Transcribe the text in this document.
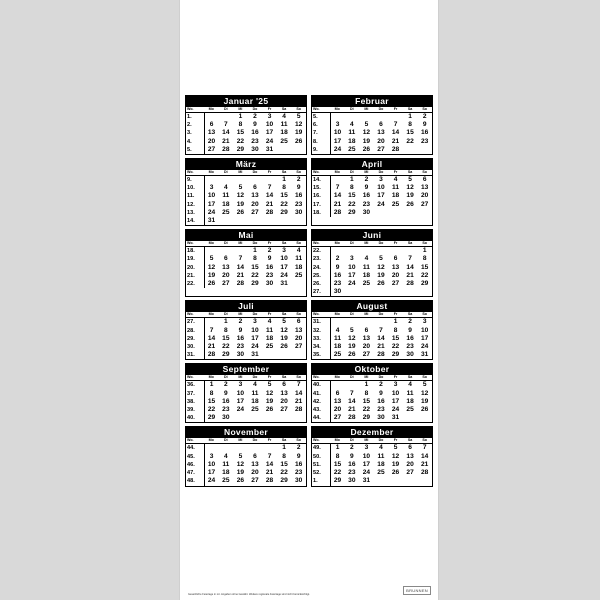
Januar '25
Wo.	Mo	Di	Mi	Do	Fr	Sa	So
1.			1	2	3	4	5
2.	6	7	8	9	10	11	12
3.	13	14	15	16	17	18	19
4.	20	21	22	23	24	25	26
5.	27	28	29	30	31		
Februar
Wo.	Mo	Di	Mi	Do	Fr	Sa	So
5.						1	2
6.	3	4	5	6	7	8	9
7.	10	11	12	13	14	15	16
8.	17	18	19	20	21	22	23
9.	24	25	26	27	28		
März
Wo.	Mo	Di	Mi	Do	Fr	Sa	So
9.						1	2
10.	3	4	5	6	7	8	9
11.	10	11	12	13	14	15	16
12.	17	18	19	20	21	22	23
13.	24	25	26	27	28	29	30
14.	31						
April
Wo.	Mo	Di	Mi	Do	Fr	Sa	So
14.		1	2	3	4	5	6
15.	7	8	9	10	11	12	13
16.	14	15	16	17	18	19	20
17.	21	22	23	24	25	26	27
18.	28	29	30				
Mai
Wo.	Mo	Di	Mi	Do	Fr	Sa	So
18.				1	2	3	4
19.	5	6	7	8	9	10	11
20.	12	13	14	15	16	17	18
21.	19	20	21	22	23	24	25
22.	26	27	28	29	30	31	
Juni
Wo.	Mo	Di	Mi	Do	Fr	Sa	So
22.							1
23.	2	3	4	5	6	7	8
24.	9	10	11	12	13	14	15
25.	16	17	18	19	20	21	22
26.	23	24	25	26	27	28	29
27.	30						
Juli
Wo.	Mo	Di	Mi	Do	Fr	Sa	So
27.		1	2	3	4	5	6
28.	7	8	9	10	11	12	13
29.	14	15	16	17	18	19	20
30.	21	22	23	24	25	26	27
31.	28	29	30	31			
August
Wo.	Mo	Di	Mi	Do	Fr	Sa	So
31.					1	2	3
32.	4	5	6	7	8	9	10
33.	11	12	13	14	15	16	17
34.	18	19	20	21	22	23	24
35.	25	26	27	28	29	30	31
September
Wo.	Mo	Di	Mi	Do	Fr	Sa	So
36.	1	2	3	4	5	6	7
37.	8	9	10	11	12	13	14
38.	15	16	17	18	19	20	21
39.	22	23	24	25	26	27	28
40.	29	30					
Oktober
Wo.	Mo	Di	Mi	Do	Fr	Sa	So
40.			1	2	3	4	5
41.	6	7	8	9	10	11	12
42.	13	14	15	16	17	18	19
43.	20	21	22	23	24	25	26
44.	27	28	29	30	31		
November
Wo.	Mo	Di	Mi	Do	Fr	Sa	So
44.						1	2
45.	3	4	5	6	7	8	9
46.	10	11	12	13	14	15	16
47.	17	18	19	20	21	22	23
48.	24	25	26	27	28	29	30
Dezember
Wo.	Mo	Di	Mi	Do	Fr	Sa	So
49.	1	2	3	4	5	6	7
50.	8	9	10	11	12	13	14
51.	15	16	17	18	19	20	21
52.	22	23	24	25	26	27	28
1.	29	30	31				
Gesetzliche Feiertage in rot. Angaben ohne Gewähr. Weitere regionale Feiertage sind nicht berücksichtigt.
BRUNNEN
